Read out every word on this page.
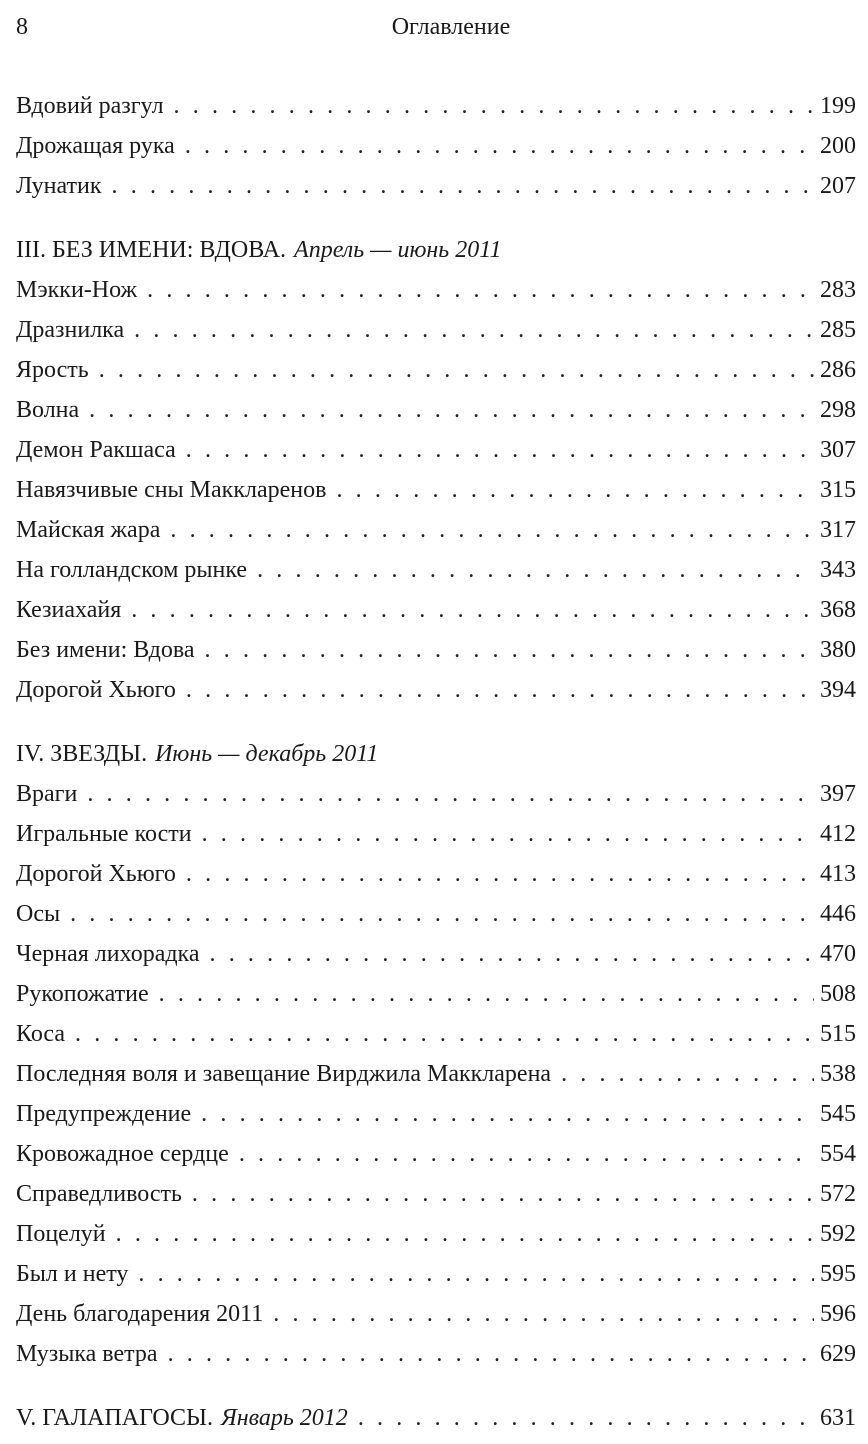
8	Оглавление
Вдовий разгул . . .	199
Дрожащая рука . . .	200
Лунатик . . .	207
III. БЕЗ ИМЕНИ: ВДОВА. Апрель — июнь 2011
Мэкки-Нож . . .	283
Дразнилка . . .	285
Ярость . . .	286
Волна . . .	298
Демон Ракшаса . . .	307
Навязчивые сны Маккларенов . . .	315
Майская жара . . .	317
На голландском рынке . . .	343
Кезиахайя . . .	368
Без имени: Вдова . . .	380
Дорогой Хьюго . . .	394
IV. ЗВЕЗДЫ. Июнь — декабрь 2011
Враги . . .	397
Игральные кости . . .	412
Дорогой Хьюго . . .	413
Осы . . .	446
Черная лихорадка . . .	470
Рукопожатие . . .	508
Коса . . .	515
Последняя воля и завещание Вирджила Маккларена . . .	538
Предупреждение . . .	545
Кровожадное сердце . . .	554
Справедливость . . .	572
Поцелуй . . .	592
Был и нету . . .	595
День благодарения 2011 . . .	596
Музыка ветра . . .	629
V. ГАЛАПАГОСЫ. Январь 2012 . . .	631
